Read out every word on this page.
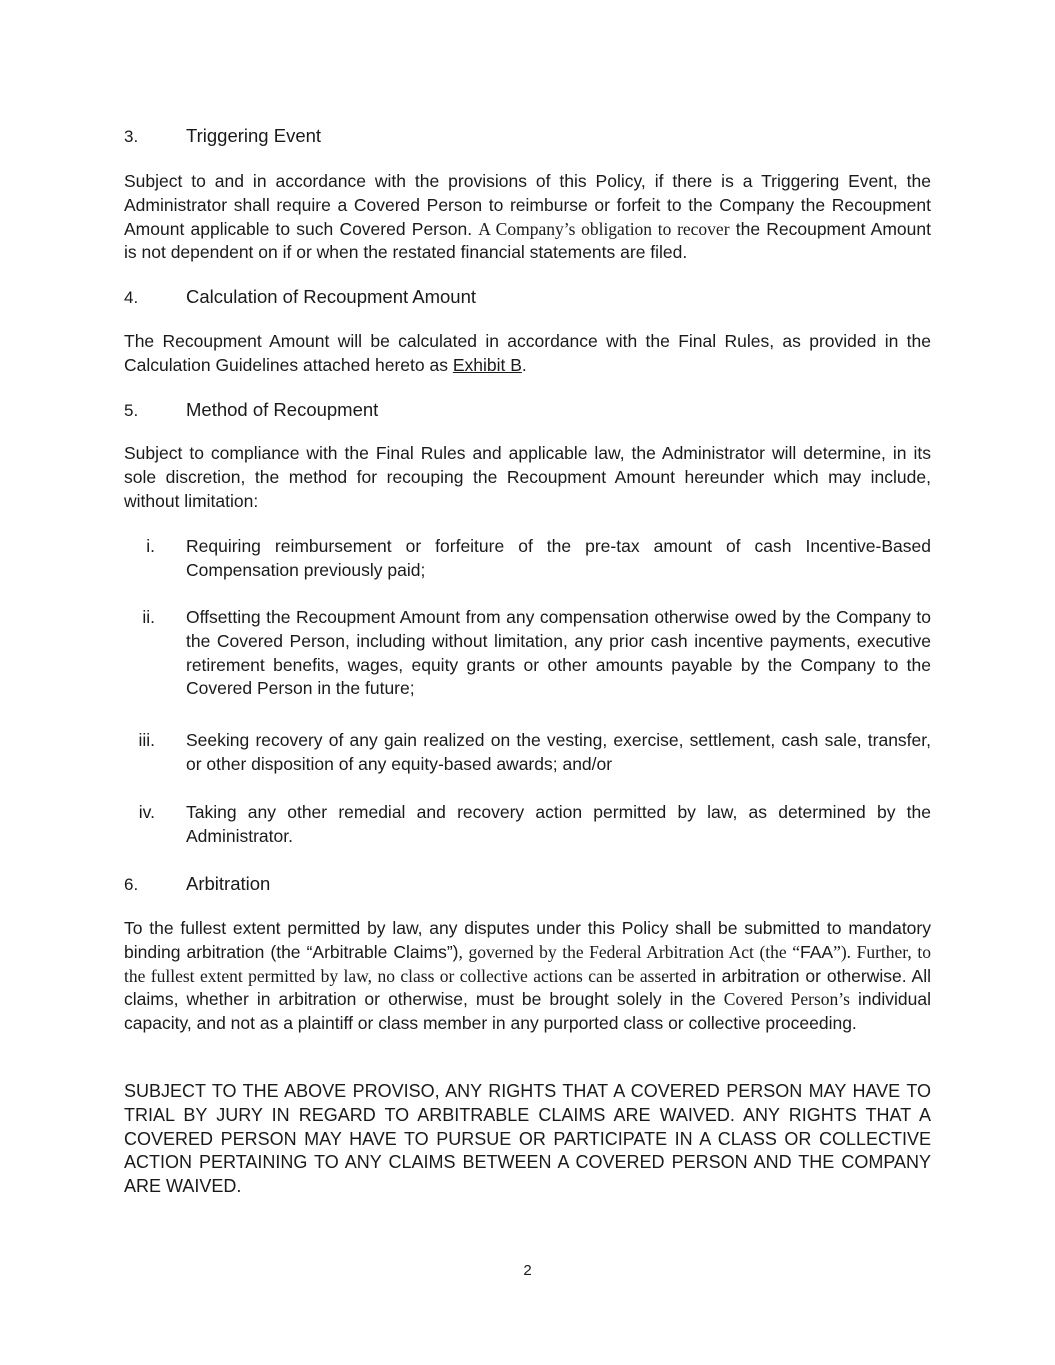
3.	Triggering Event
Subject to and in accordance with the provisions of this Policy, if there is a Triggering Event, the Administrator shall require a Covered Person to reimburse or forfeit to the Company the Recoupment Amount applicable to such Covered Person. A Company’s obligation to recover the Recoupment Amount is not dependent on if or when the restated financial statements are filed.
4.	Calculation of Recoupment Amount
The Recoupment Amount will be calculated in accordance with the Final Rules, as provided in the Calculation Guidelines attached hereto as Exhibit B.
5.	Method of Recoupment
Subject to compliance with the Final Rules and applicable law, the Administrator will determine, in its sole discretion, the method for recouping the Recoupment Amount hereunder which may include, without limitation:
i. Requiring reimbursement or forfeiture of the pre-tax amount of cash Incentive-Based Compensation previously paid;
ii. Offsetting the Recoupment Amount from any compensation otherwise owed by the Company to the Covered Person, including without limitation, any prior cash incentive payments, executive retirement benefits, wages, equity grants or other amounts payable by the Company to the Covered Person in the future;
iii. Seeking recovery of any gain realized on the vesting, exercise, settlement, cash sale, transfer, or other disposition of any equity-based awards; and/or
iv. Taking any other remedial and recovery action permitted by law, as determined by the Administrator.
6.	Arbitration
To the fullest extent permitted by law, any disputes under this Policy shall be submitted to mandatory binding arbitration (the “Arbitrable Claims”), governed by the Federal Arbitration Act (the “FAA”). Further, to the fullest extent permitted by law, no class or collective actions can be asserted in arbitration or otherwise. All claims, whether in arbitration or otherwise, must be brought solely in the Covered Person’s individual capacity, and not as a plaintiff or class member in any purported class or collective proceeding.
SUBJECT TO THE ABOVE PROVISO, ANY RIGHTS THAT A COVERED PERSON MAY HAVE TO TRIAL BY JURY IN REGARD TO ARBITRABLE CLAIMS ARE WAIVED. ANY RIGHTS THAT A COVERED PERSON MAY HAVE TO PURSUE OR PARTICIPATE IN A CLASS OR COLLECTIVE ACTION PERTAINING TO ANY CLAIMS BETWEEN A COVERED PERSON AND THE COMPANY ARE WAIVED.
2
